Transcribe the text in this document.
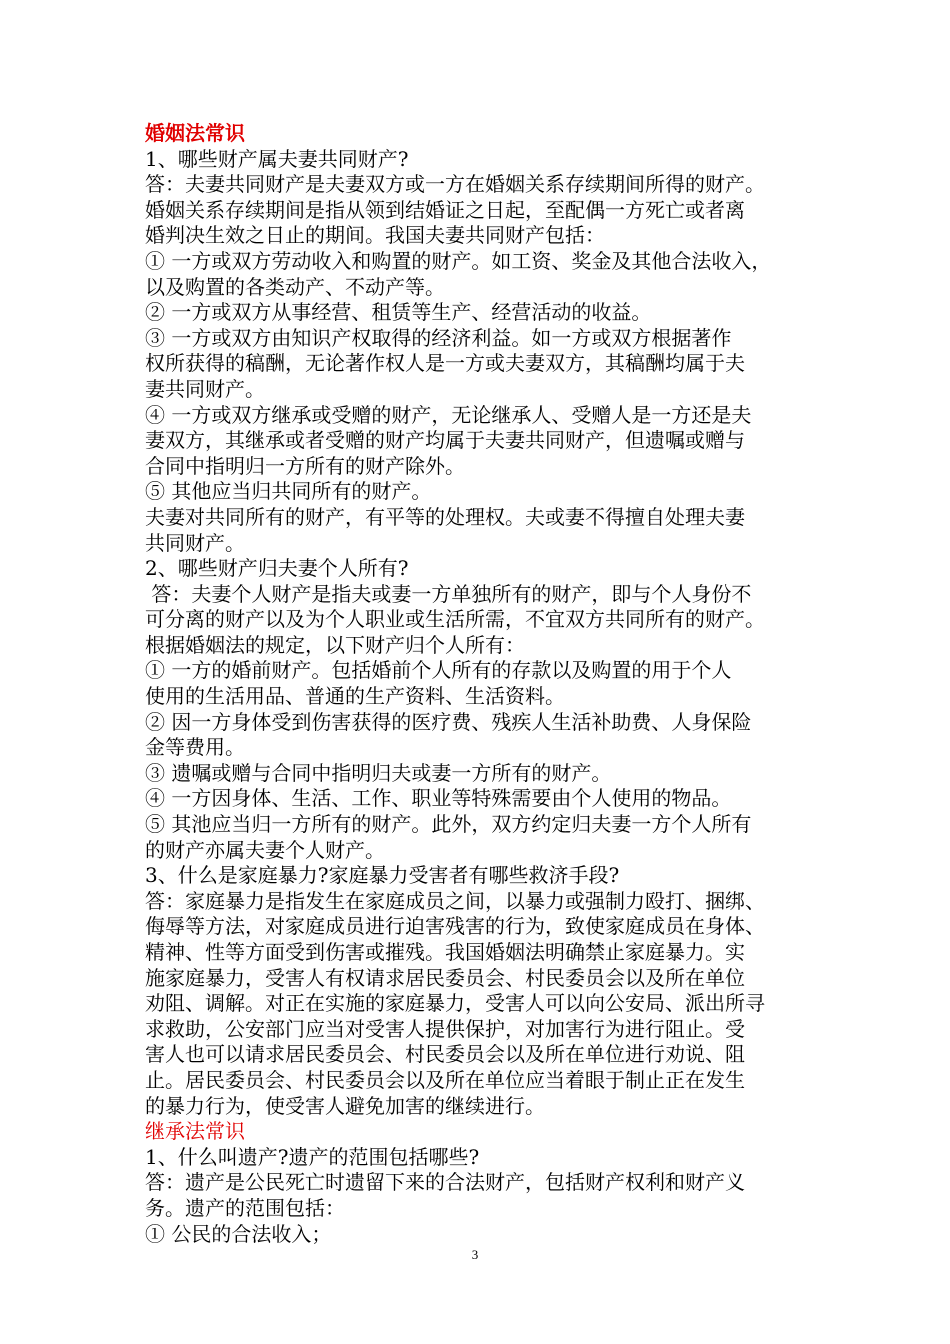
婚姻法常识
1、哪些财产属夫妻共同财产?
答：夫妻共同财产是夫妻双方或一方在婚姻关系存续期间所得的财产。
婚姻关系存续期间是指从领到结婚证之日起，至配偶一方死亡或者离
婚判决生效之日止的期间。我国夫妻共同财产包括：
① 一方或双方劳动收入和购置的财产。如工资、奖金及其他合法收入，
以及购置的各类动产、不动产等。
② 一方或双方从事经营、租赁等生产、经营活动的收益。
③ 一方或双方由知识产权取得的经济利益。如一方或双方根据著作
权所获得的稿酬，无论著作权人是一方或夫妻双方，其稿酬均属于夫
妻共同财产。
④ 一方或双方继承或受赠的财产，无论继承人、受赠人是一方还是夫
妻双方，其继承或者受赠的财产均属于夫妻共同财产，但遗嘱或赠与
合同中指明归一方所有的财产除外。
⑤ 其他应当归共同所有的财产。
夫妻对共同所有的财产，有平等的处理权。夫或妻不得擅自处理夫妻
共同财产。
2、哪些财产归夫妻个人所有?
答：夫妻个人财产是指夫或妻一方单独所有的财产，即与个人身份不
可分离的财产以及为个人职业或生活所需，不宜双方共同所有的财产。
根据婚姻法的规定，以下财产归个人所有：
① 一方的婚前财产。包括婚前个人所有的存款以及购置的用于个人
使用的生活用品、普通的生产资料、生活资料。
② 因一方身体受到伤害获得的医疗费、残疾人生活补助费、人身保险
金等费用。
③ 遗嘱或赠与合同中指明归夫或妻一方所有的财产。
④ 一方因身体、生活、工作、职业等特殊需要由个人使用的物品。
⑤ 其池应当归一方所有的财产。此外，双方约定归夫妻一方个人所有
的财产亦属夫妻个人财产。
3、什么是家庭暴力?家庭暴力受害者有哪些救济手段?
答：家庭暴力是指发生在家庭成员之间，以暴力或强制力殴打、捆绑、
侮辱等方法，对家庭成员进行迫害残害的行为，致使家庭成员在身体、
精神、性等方面受到伤害或摧残。我国婚姻法明确禁止家庭暴力。实
施家庭暴力，受害人有权请求居民委员会、村民委员会以及所在单位
劝阻、调解。对正在实施的家庭暴力，受害人可以向公安局、派出所寻
求救助，公安部门应当对受害人提供保护，对加害行为进行阻止。受
害人也可以请求居民委员会、村民委员会以及所在单位进行劝说、阻
止。居民委员会、村民委员会以及所在单位应当着眼于制止正在发生
的暴力行为，使受害人避免加害的继续进行。
继承法常识
1、什么叫遗产?遗产的范围包括哪些?
答：遗产是公民死亡时遗留下来的合法财产，包括财产权利和财产义
务。遗产的范围包括：
① 公民的合法收入；
3
